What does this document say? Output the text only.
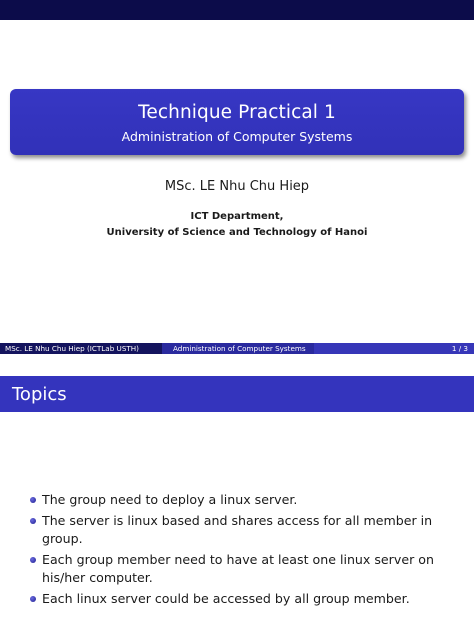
Technique Practical 1
Administration of Computer Systems
MSc. LE Nhu Chu Hiep
ICT Department,
University of Science and Technology of Hanoi
MSc. LE Nhu Chu Hiep (ICTLab USTH)	Administration of Computer Systems	1 / 3
Topics
The group need to deploy a linux server.
The server is linux based and shares access for all member in group.
Each group member need to have at least one linux server on his/her computer.
Each linux server could be accessed by all group member.
